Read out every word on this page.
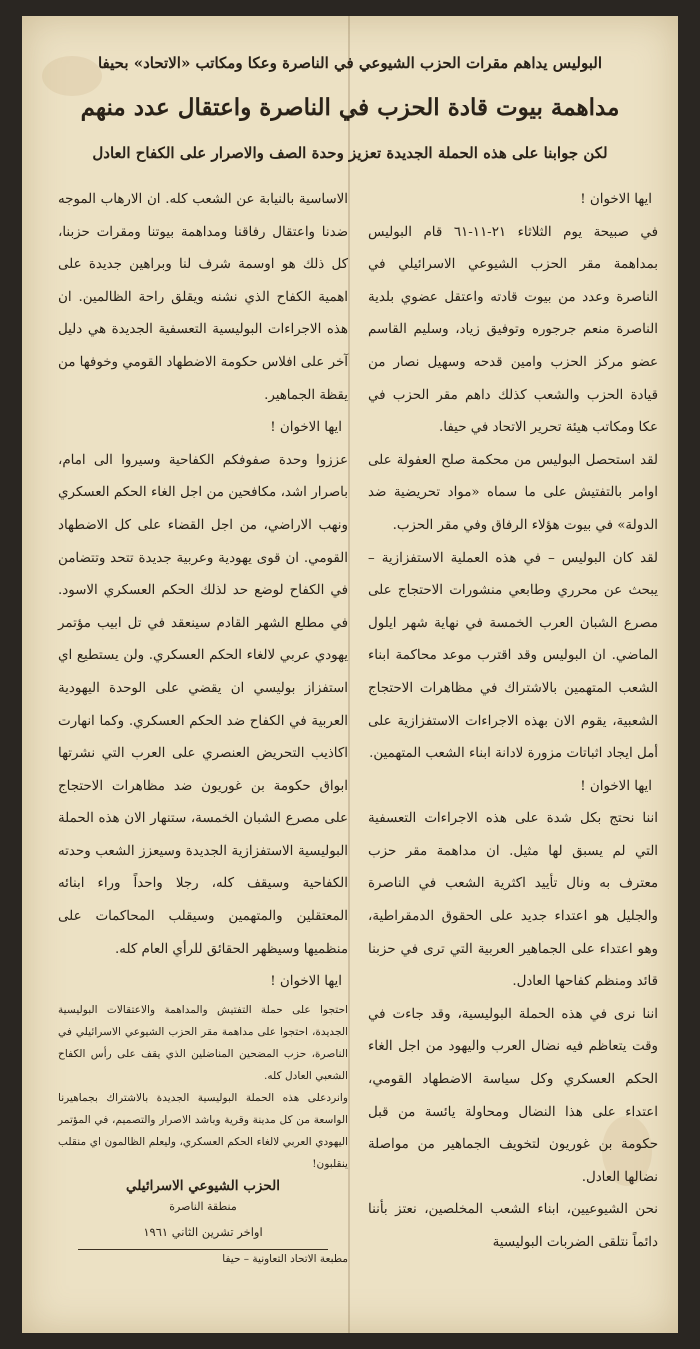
البوليس يداهم مقرات الحزب الشيوعي في الناصرة وعكا ومكاتب «الاتحاد» بحيفا
مداهمة بيوت قادة الحزب في الناصرة واعتقال عدد منهم
لكن جوابنا على هذه الحملة الجديدة تعزيز وحدة الصف والاصرار على الكفاح العادل

ايها الاخوان !

في صبيحة يوم الثلاثاء ٢١-١١-٦١ قام البوليس بمداهمة مقر الحزب الشيوعي الاسرائيلي في الناصرة وعدد من بيوت قادته واعتقل عضوي بلدية الناصرة منعم جرجوره وتوفيق زياد، وسليم القاسم عضو مركز الحزب وامين قدحه وسهيل نصار من قيادة الحزب والشعب كذلك داهم مقر الحزب في عكا ومكاتب هيئة تحرير الاتحاد في حيفا.

لقد استحصل البوليس من محكمة صلح العفولة على اوامر بالتفتيش على ما سماه «مواد تحريضية ضد الدولة» في بيوت هؤلاء الرفاق وفي مقر الحزب.

لقد كان البوليس – في هذه العملية الاستفزازية – يبحث عن محرري وطابعي منشورات الاحتجاج على مصرع الشبان العرب الخمسة في نهاية شهر ايلول الماضي. ان البوليس وقد اقترب موعد محاكمة ابناء الشعب المتهمين بالاشتراك في مظاهرات الاحتجاج الشعبية، يقوم الان بهذه الاجراءات الاستفزازية على أمل ايجاد اثباتات مزورة لادانة ابناء الشعب المتهمين.

ايها الاخوان !

اننا نحتج بكل شدة على هذه الاجراءات التعسفية التي لم يسبق لها مثيل. ان مداهمة مقر حزب معترف به ونال تأييد اكثرية الشعب في الناصرة والجليل هو اعتداء جديد على الحقوق الدمقراطية، وهو اعتداء على الجماهير العربية التي ترى في حزبنا قائد ومنظم كفاحها العادل.

اننا نرى في هذه الحملة البوليسية، وقد جاءت في وقت يتعاظم فيه نضال العرب واليهود من اجل الغاء الحكم العسكري وكل سياسة الاضطهاد القومي، اعتداء على هذا النضال ومحاولة يائسة من قبل حكومة بن غوريون لتخويف الجماهير من مواصلة نضالها العادل.

نحن الشيوعيين، ابناء الشعب المخلصين، نعتز بأننا دائماً نتلقى الضربات البوليسية

الاساسية بالنيابة عن الشعب كله. ان الارهاب الموجه ضدنا واعتقال رفاقنا ومداهمة بيوتنا ومقرات حزبنا، كل ذلك هو اوسمة شرف لنا وبراهين جديدة على اهمية الكفاح الذي نشنه ويقلق راحة الظالمين. ان هذه الاجراءات البوليسية التعسفية الجديدة هي دليل آخر على افلاس حكومة الاضطهاد القومي وخوفها من يقظة الجماهير.

ايها الاخوان !

عززوا وحدة صفوفكم الكفاحية وسيروا الى امام، باصرار اشد، مكافحين من اجل الغاء الحكم العسكري ونهب الاراضي، من اجل القضاء على كل الاضطهاد القومي. ان قوى يهودية وعربية جديدة تتحد وتتضامن في الكفاح لوضع حد لذلك الحكم العسكري الاسود. في مطلع الشهر القادم سينعقد في تل ابيب مؤتمر يهودي عربي لالغاء الحكم العسكري. ولن يستطيع اي استفزاز بوليسي ان يقضي على الوحدة اليهودية العربية في الكفاح ضد الحكم العسكري. وكما انهارت اكاذيب التحريض العنصري على العرب التي نشرتها ابواق حكومة بن غوريون ضد مظاهرات الاحتجاج على مصرع الشبان الخمسة، ستنهار الان هذه الحملة البوليسية الاستفزازية الجديدة وسيعزز الشعب وحدته الكفاحية وسيقف كله، رجلا واحداً وراء ابنائه المعتقلين والمتهمين وسيقلب المحاكمات على منظميها وسيظهر الحقائق للرأي العام كله.

ايها الاخوان !

احتجوا على حملة التفتيش والمداهمة والاعتقالات البوليسية الجديدة، احتجوا على مداهمة مقر الحزب الشيوعي الاسرائيلي في الناصرة، حزب المضحين المناضلين الذي يقف على رأس الكفاح الشعبي العادل كله.

وانردعلى هذه الحملة البوليسية الجديدة بالاشتراك بجماهيرنا الواسعة من كل مدينة وقرية وباشد الاصرار والتصميم، في المؤتمر اليهودي العربي لالغاء الحكم العسكري، وليعلم الظالمون اي منقلب ينقلبون!

الحزب الشيوعي الاسرائيلي
منطقة الناصرة
اواخر تشرين الثاني ١٩٦١
مطبعة الاتحاد التعاونية – حيفا
